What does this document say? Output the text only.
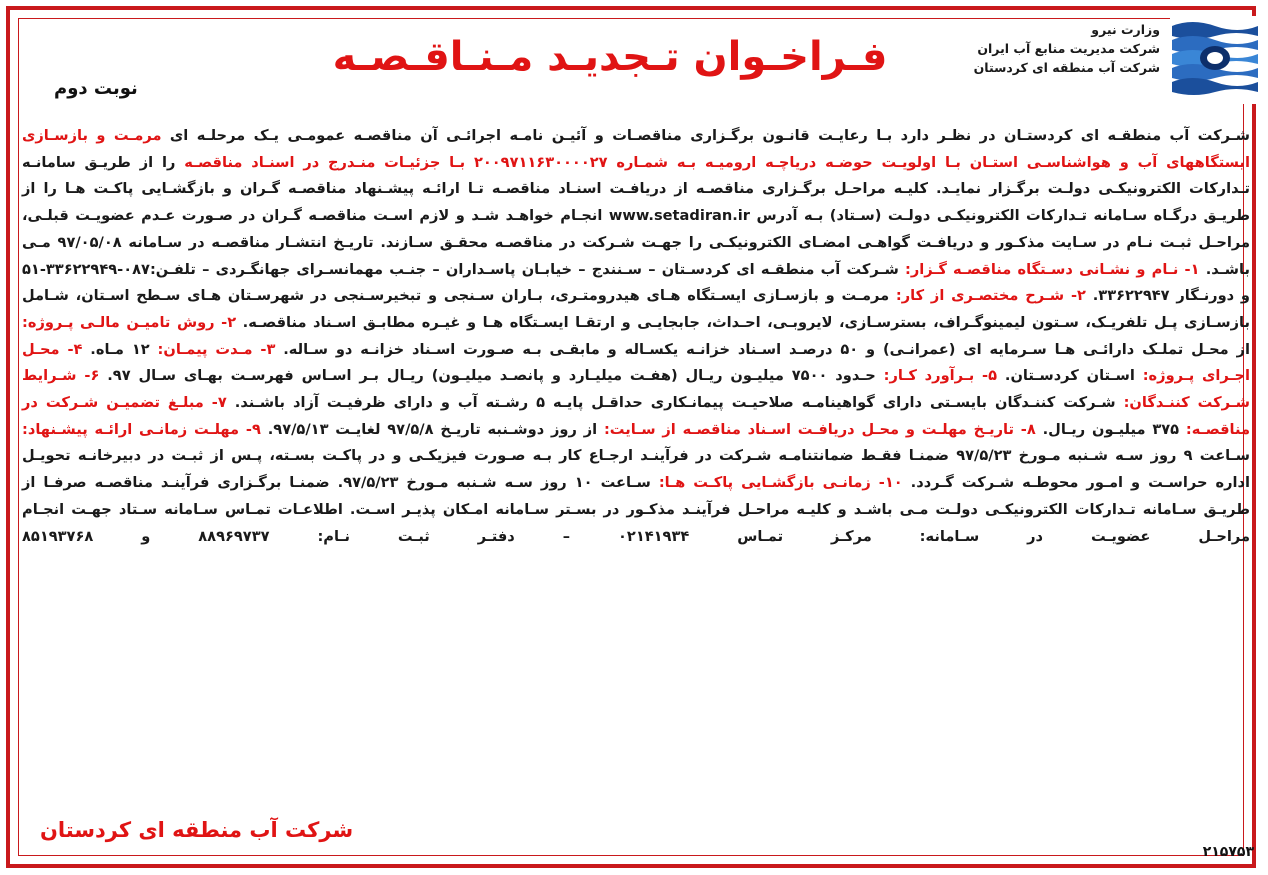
وزارت نیرو
شرکت مدیریت منابع آب ایران
شرکت آب منطقه ای کردستان
فـراخـوان تـجدیـد مـنـاقـصـه
نوبت دوم
شـرکت آب منطقـه ای کردستـان در نظـر دارد بـا رعایـت قانـون برگـزاری مناقصـات و آئیـن نامـه اجرائـی آن مناقصـه عمومـی یـک مرحلـه ای مرمـت و بازسـازی ایستگاههای آب و هواشناسـی استـان بـا اولویـت حوضـه دریاچـه ارومیـه بـه شمـاره ۲۰۰۹۷۱۱۶۳۰۰۰۰۲۷ بـا جزئیـات منـدرج در اسنـاد مناقصـه را از طریـق سامانـه تـدارکات الکترونیکـی دولـت برگـزار نمایـد. کلیـه مراحـل برگـزاری مناقصـه از دریافـت اسنـاد مناقصـه تـا ارائـه پیشـنهاد مناقصـه گـران و بازگشـایی پاکـت هـا را از طریـق درگـاه سـامانه تـدارکات الکترونیکـی دولـت (سـتاد) بـه آدرس www.setadiran.ir انجـام خواهـد شـد و لازم اسـت مناقصـه گـران در صـورت عـدم عضویـت قبلـی، مراحـل ثبـت نـام در سـایت مذکـور و دریافـت گواهـی امضـای الکترونیکـی را جهـت شـرکت در مناقصـه محقـق سـازند. تاریـخ انتشـار مناقصـه در سـامانه ۹۷/۰۵/۰۸ مـی باشـد. ۱- نـام و نشـانی دسـتگاه مناقصـه گـزار: شـرکت آب منطقـه ای کردسـتان – سـنندج – خیابـان پاسـداران – جنـب مهمانسـرای جهانگـردی – تلفـن:۰۸۷-۳۳۶۲۲۹۴۹-۵۱ و دورنـگار ۳۳۶۲۲۹۴۷. ۲- شـرح مختصـری از کار: مرمـت و بازسـازی ایسـتگاه هـای هیدرومتـری، بـاران سـنجی و تبخیرسـنجی در شهرسـتان هـای سـطح اسـتان، شـامل بازسـازی پـل تلفریـک، سـتون لیمینوگـراف، بسترسـازی، لایروبـی، احـداث، جابجایـی و ارتقـا ایسـتگاه هـا و غیـره مطابـق اسـناد مناقصـه. ۲- روش تامیـن مالـی پـروژه: از محـل تملـک دارائـی هـا سـرمایه ای (عمرانـی) و ۵۰ درصـد اسـناد خزانـه یکسـاله و مابقـی بـه صـورت اسـناد خزانـه دو سـاله. ۳- مـدت پیمـان: ۱۲ مـاه. ۴- محـل اجـرای پـروژه: اسـتان کردسـتان. ۵- بـرآورد کـار: حـدود ۷۵۰۰ میلیـون ریـال (هفـت میلیـارد و پانصـد میلیـون) ریـال بـر اسـاس فهرسـت بهـای سـال ۹۷. ۶- شـرایط شـرکت کننـدگان: شـرکت کننـدگان بایسـتی دارای گواهینامـه صلاحیـت پیمانـکاری حداقـل پایـه ۵ رشـته آب و دارای ظرفیـت آزاد باشـند. ۷- مبلـغ تضمیـن شـرکت در مناقصـه: ۳۷۵ میلیـون ریـال. ۸- تاریـخ مهلـت و محـل دریافـت اسـناد مناقصـه از سـایت: از روز دوشـنبه تاریـخ ۹۷/۵/۸ لغایـت ۹۷/۵/۱۳. ۹- مهلـت زمانـی ارائـه پیشـنهاد: سـاعت ۹ روز سـه شـنبه مـورخ ۹۷/۵/۲۳ ضمنـا فقـط ضمانتنامـه شـرکت در فرآینـد ارجـاع کار بـه صـورت فیزیکـی و در پاکـت بسـته، پـس از ثبـت در دبیرخانـه تحویـل اداره حراسـت و امـور محوطـه شـرکت گـردد. ۱۰- زمانـی بازگشـایی پاکـت هـا: سـاعت ۱۰ روز سـه شـنبه مـورخ ۹۷/۵/۲۳. ضمنـا برگـزاری فرآینـد مناقصـه صرفـا از طریـق سـامانه تـدارکات الکترونیکـی دولـت مـی باشـد و کلیـه مراحـل فرآینـد مذکـور در بسـتر سـامانه امـکان پذیـر اسـت. اطلاعـات تمـاس سـامانه سـتاد جهـت انجـام مراحـل عضویـت در سـامانه: مرکـز تمـاس ۰۲۱۴۱۹۳۴ – دفتـر ثبـت نـام: ۸۸۹۶۹۷۳۷ و ۸۵۱۹۳۷۶۸
شرکت آب منطقه ای کردستان
۲۱۵۷۵۳
